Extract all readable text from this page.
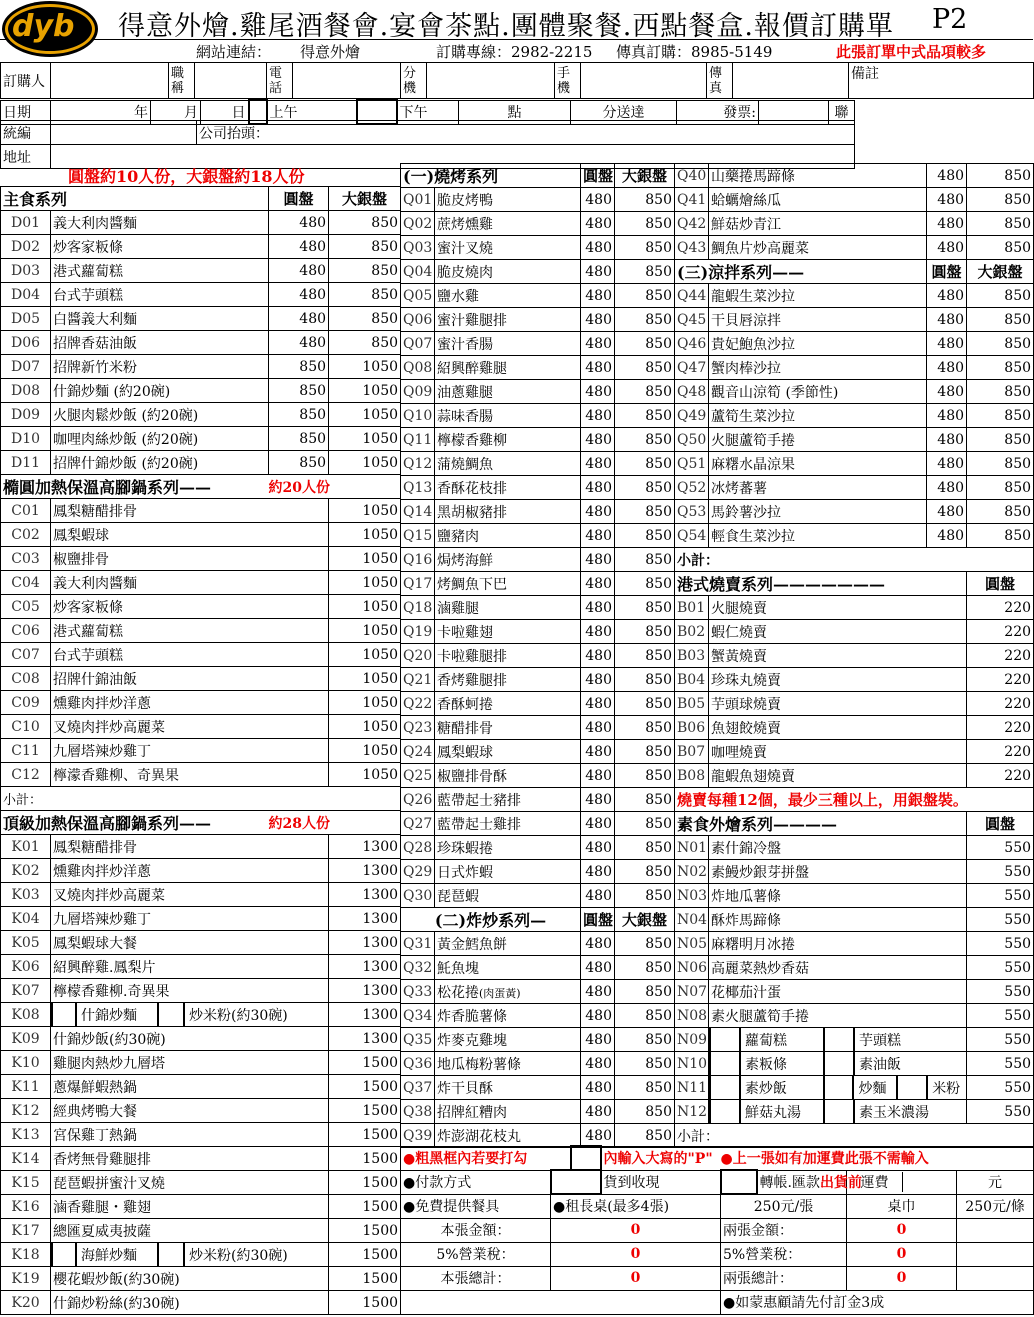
dyb 得意外燴.雞尾酒餐會.宴會茶點.團體聚餐.西點餐盒.報價訂購單 P2
網站連結： 得意外燴	訂購專線：2982-2215 傳真訂購：8985-5149	此張訂單中式品項較多
訂購人		職稱		電話		分機		手機		傳真		備註
日期	年	月	日		上午		下午	點	分送達	發票:		聯
統編		公司抬頭：
地址		
圓盤約10人份，大銀盤約18人份
主食系列		圓盤	大銀盤
D01	義大利肉醬麵	480	850
D02	炒客家粄條	480	850
D03	港式蘿蔔糕	480	850
D04	台式芋頭糕	480	850
D05	白醬義大利麵	480	850
D06	招牌香菇油飯	480	850
D07	招牌新竹米粉	850	1050
D08	什錦炒麵 (約20碗)	850	1050
D09	火腿肉鬆炒飯 (約20碗)	850	1050
D10	咖哩肉絲炒飯 (約20碗)	850	1050
D11	招牌什錦炒飯 (約20碗)	850	1050
橢圓加熱保溫高腳鍋系列——		約20人份	
C01	鳳梨糖醋排骨		1050
C02	鳳梨蝦球		1050
C03	椒鹽排骨		1050
C04	義大利肉醬麵		1050
C05	炒客家粄條		1050
C06	港式蘿蔔糕		1050
C07	台式芋頭糕		1050
C08	招牌什錦油飯		1050
C09	燻雞肉拌炒洋蔥		1050
C10	叉燒肉拌炒高麗菜		1050
C11	九層塔辣炒雞丁		1050
C12	檸濛香雞柳、奇異果		1050
小計：			
頂級加熱保溫高腳鍋系列——		約28人份	
K01	鳳梨糖醋排骨		1300
K02	燻雞肉拌炒洋蔥		1300
K03	叉燒肉拌炒高麗菜		1300
K04	九層塔辣炒雞丁		1300
K05	鳳梨蝦球大餐		1300
K06	紹興醉雞.鳳梨片		1300
K07	檸檬香雞柳.奇異果		1300
K08	什錦炒麵 炒米粉(約30碗)		1300
K09	什錦炒飯(約30碗)		1300
K10	雞腿肉熱炒九層塔		1500
K11	蔥爆鮮蝦熱鍋		1500
K12	經典烤鴨大餐		1500
K13	宮保雞丁熱鍋		1500
K14	香烤無骨雞腿排		1500
K15	琵琶蝦拼蜜汁叉燒		1500
K16	滷香雞腿・雞翅		1500
K17	總匯夏威夷披薩		1500
K18	海鮮炒麵 炒米粉(約30碗)		1500
K19	櫻花蝦炒飯(約30碗)		1500
K20	什錦炒粉絲(約30碗)		1500
(一)燒烤系列		圓盤	大銀盤
Q01	脆皮烤鴨	480	850
Q02	蔗烤燻雞	480	850
Q03	蜜汁叉燒	480	850
Q04	脆皮燒肉	480	850
Q05	鹽水雞	480	850
Q06	蜜汁雞腿排	480	850
Q07	蜜汁香腸	480	850
Q08	紹興醉雞腿	480	850
Q09	油蔥雞腿	480	850
Q10	蒜味香腸	480	850
Q11	檸檬香雞柳	480	850
Q12	蒲燒鯛魚	480	850
Q13	香酥花枝排	480	850
Q14	黑胡椒豬排	480	850
Q15	鹽豬肉	480	850
Q16	焗烤海鮮	480	850
Q17	烤鯛魚下巴	480	850
Q18	滷雞腿	480	850
Q19	卡啦雞翅	480	850
Q20	卡啦雞腿排	480	850
Q21	香烤雞腿排	480	850
Q22	香酥蚵捲	480	850
Q23	糖醋排骨	480	850
Q24	鳳梨蝦球	480	850
Q25	椒鹽排骨酥	480	850
Q26	藍帶起士豬排	480	850
Q27	藍帶起士雞排	480	850
Q28	珍珠蝦捲	480	850
Q29	日式炸蝦	480	850
Q30	琵琶蝦	480	850
(二)炸炒系列—		圓盤	大銀盤
Q31	黃金鱈魚餅	480	850
Q32	魠魚塊	480	850
Q33	松花捲(肉蛋黃)	480	850
Q34	炸香脆薯條	480	850
Q35	炸麥克雞塊	480	850
Q36	地瓜梅粉薯條	480	850
Q37	炸干貝酥	480	850
Q38	招牌紅糟肉	480	850
Q39	炸澎湖花枝丸	480	850
Q40	山藥捲馬蹄條	480	850
Q41	蛤蠣燴絲瓜	480	850
Q42	鮮菇炒青江	480	850
Q43	鯛魚片炒高麗菜	480	850
(三)涼拌系列——		圓盤	大銀盤
Q44	龍蝦生菜沙拉	480	850
Q45	干貝唇涼拌	480	850
Q46	貴妃鮑魚沙拉	480	850
Q47	蟹肉棒沙拉	480	850
Q48	觀音山涼筍 (季節性)	480	850
Q49	蘆筍生菜沙拉	480	850
Q50	火腿蘆筍手捲	480	850
Q51	麻糬水晶涼果	480	850
Q52	冰烤蕃薯	480	850
Q53	馬鈴薯沙拉	480	850
Q54	輕食生菜沙拉	480	850
小計：			
港式燒賣系列———————			圓盤
B01	火腿燒賣		220
B02	蝦仁燒賣		220
B03	蟹黃燒賣		220
B04	珍珠丸燒賣		220
B05	芋頭球燒賣		220
B06	魚翅餃燒賣		220
B07	咖哩燒賣		220
B08	龍蝦魚翅燒賣		220
燒賣每種12個，最少三種以上，用銀盤裝。			
素食外燴系列————			圓盤
N01	素什錦冷盤		550
N02	素鰻炒銀芽拼盤		550
N03	炸地瓜薯條		550
N04	酥炸馬蹄條		550
N05	麻糬明月冰捲		550
N06	高麗菜熱炒香菇		550
N07	花椰茄汁蛋		550
N08	素火腿蘆筍手捲		550
N09	蘿蔔糕 芋頭糕		550
N10	素粄條 素油飯		550
N11	素炒飯 炒麵 米粉		550
N12	鮮菇丸湯 素玉米濃湯		550
小計：			
●粗黑框內若要打勾			內輸入大寫的"P"	●上一張如有加運費此張不需輸入			
●付款方式			貨到收現		轉帳.匯款出貨前	運費	元
●免費提供餐具	●租長桌(最多4張)			250元/張		桌巾	250元/條
本張金額：	0			兩張金額：		0	
5%營業稅：	0			5%營業稅：		0	
本張總計：	0			兩張總計：		0	
				●如蒙惠顧請先付訂金3成			
